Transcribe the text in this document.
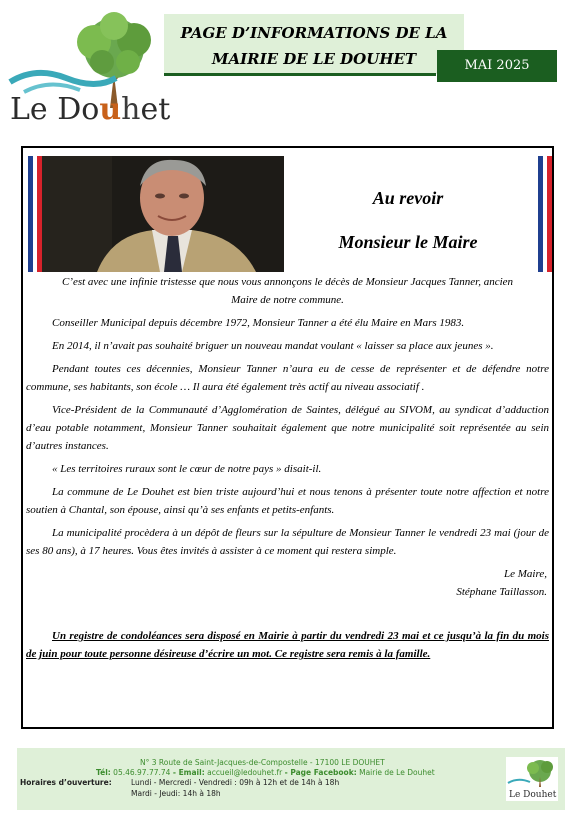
Le Douhet
PAGE D’INFORMATIONS DE LA
MAIRIE DE LE DOUHET	MAI 2025
Au revoir
Monsieur le Maire

C’est avec une infinie tristesse que nous vous annonçons le décès de Monsieur Jacques Tanner, ancien Maire de notre commune.

Conseiller Municipal depuis décembre 1972, Monsieur Tanner a été élu Maire en Mars 1983.

En 2014, il n’avait pas souhaité briguer un nouveau mandat voulant « laisser sa place aux jeunes ».

Pendant toutes ces décennies, Monsieur Tanner n’aura eu de cesse de représenter et de défendre notre commune, ses habitants, son école … Il aura été également très actif au niveau associatif .

Vice-Président de la Communauté d’Agglomération de Saintes, délégué au SIVOM, au syndicat d’adduction d’eau potable notamment, Monsieur Tanner souhaitait également que notre municipalité soit représentée au sein d’autres instances.

« Les territoires ruraux sont le cœur de notre pays » disait-il.

La commune de Le Douhet est bien triste aujourd’hui et nous tenons à présenter toute notre affection et notre soutien à Chantal, son épouse, ainsi qu’à ses enfants et petits-enfants.

La municipalité procèdera à un dépôt de fleurs sur la sépulture de Monsieur Tanner le vendredi 23 mai (jour de ses 80 ans), à 17 heures. Vous êtes invités à assister à ce moment qui restera simple.

Le Maire,

Stéphane Taillasson.

Un registre de condoléances sera disposé en Mairie à partir du vendredi 23 mai et ce jusqu’à la fin du mois de juin pour toute personne désireuse d’écrire un mot. Ce registre sera remis à la famille.

N° 3 Route de Saint-Jacques-de-Compostelle - 17100 LE DOUHET
Tél: 05.46.97.77.74 - Email: accueil@ledouhet.fr - Page Facebook: Mairie de Le Douhet
Horaires d’ouverture:	Lundi - Mercredi - Vendredi : 09h à 12h et de 14h à 18h
Mardi - Jeudi: 14h à 18h	Le Douhet
